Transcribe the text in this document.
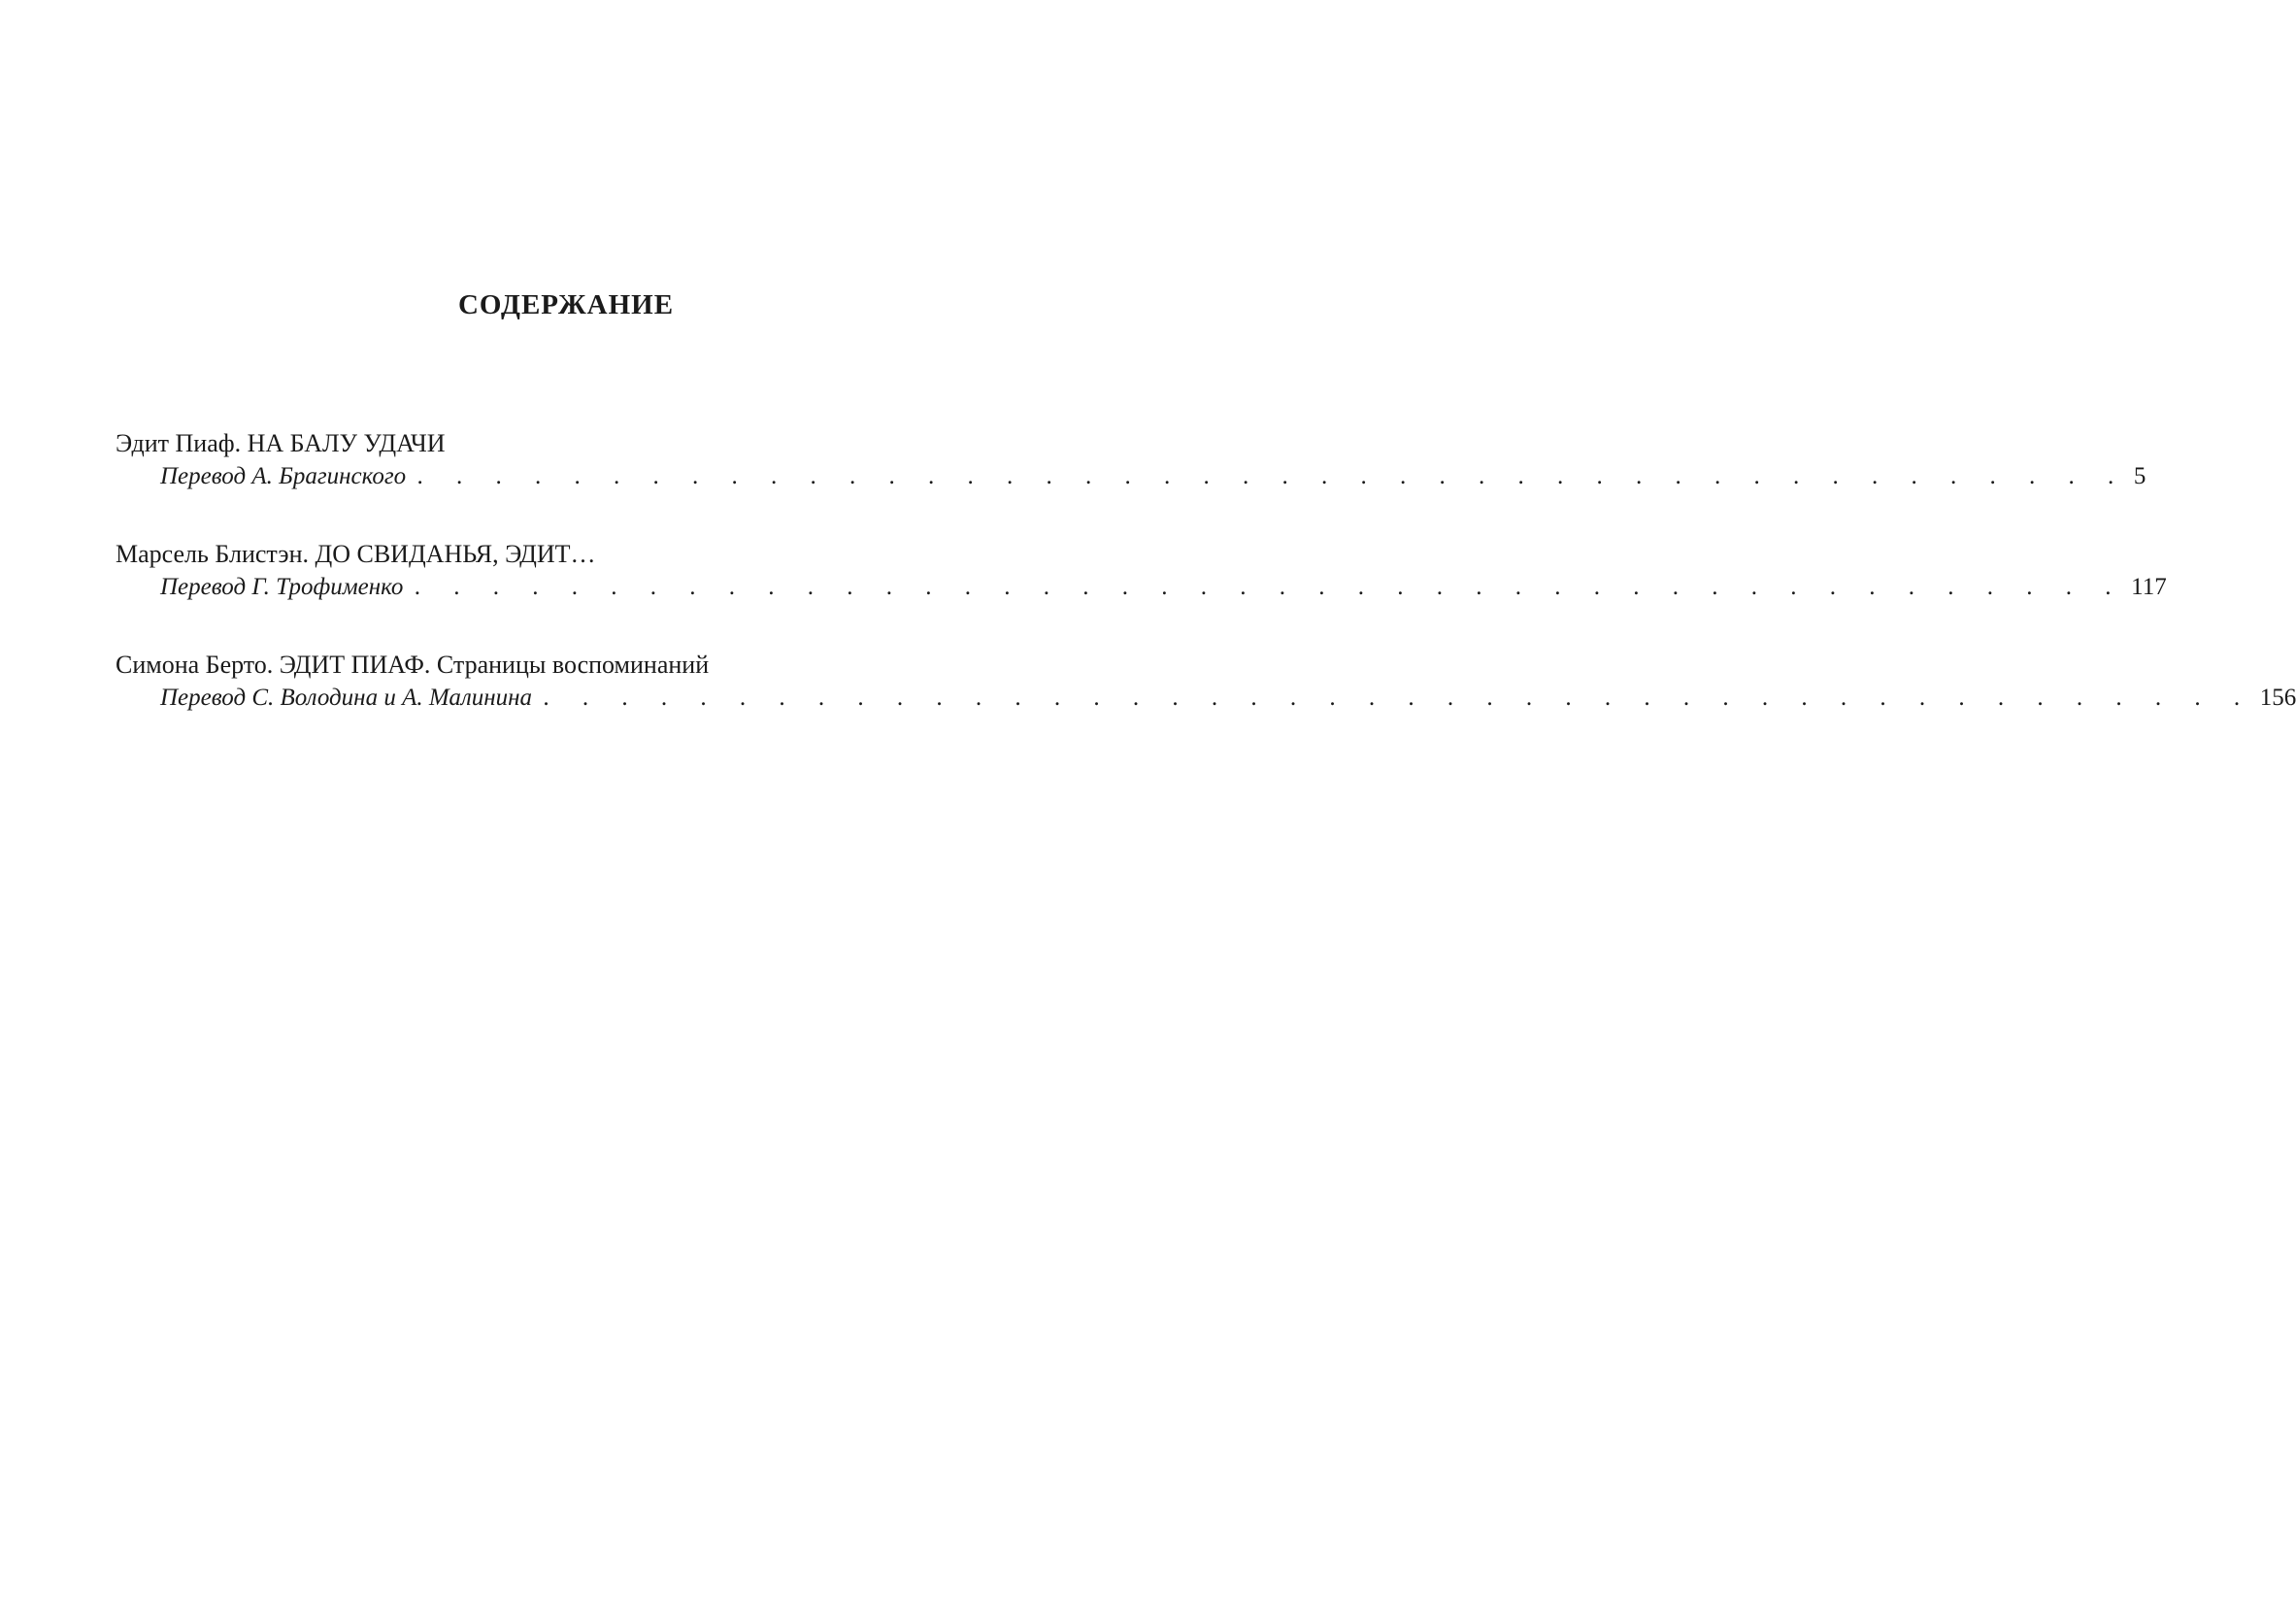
СОДЕРЖАНИЕ
Эдит Пиаф. НА БАЛУ УДАЧИ
Перевод А. Брагинского . . . . . . . . . . . . . . . . . . . . . . . . . . . . . . . . . . . . . . . . . . . . 5
Марсель Блистэн. ДО СВИДАНЬЯ, ЭДИТ…
Перевод Г. Трофименко . . . . . . . . . . . . . . . . . . . . . . . . . . . . . . . . . . . . . . . . . . . . 117
Симона Берто. ЭДИТ ПИАФ. Страницы воспоминаний
Перевод С. Володина и А. Малинина . . . . . . . . . . . . . . . . . . . . . . . . . . . . . . . . . . . . . . . . . . . . 156
